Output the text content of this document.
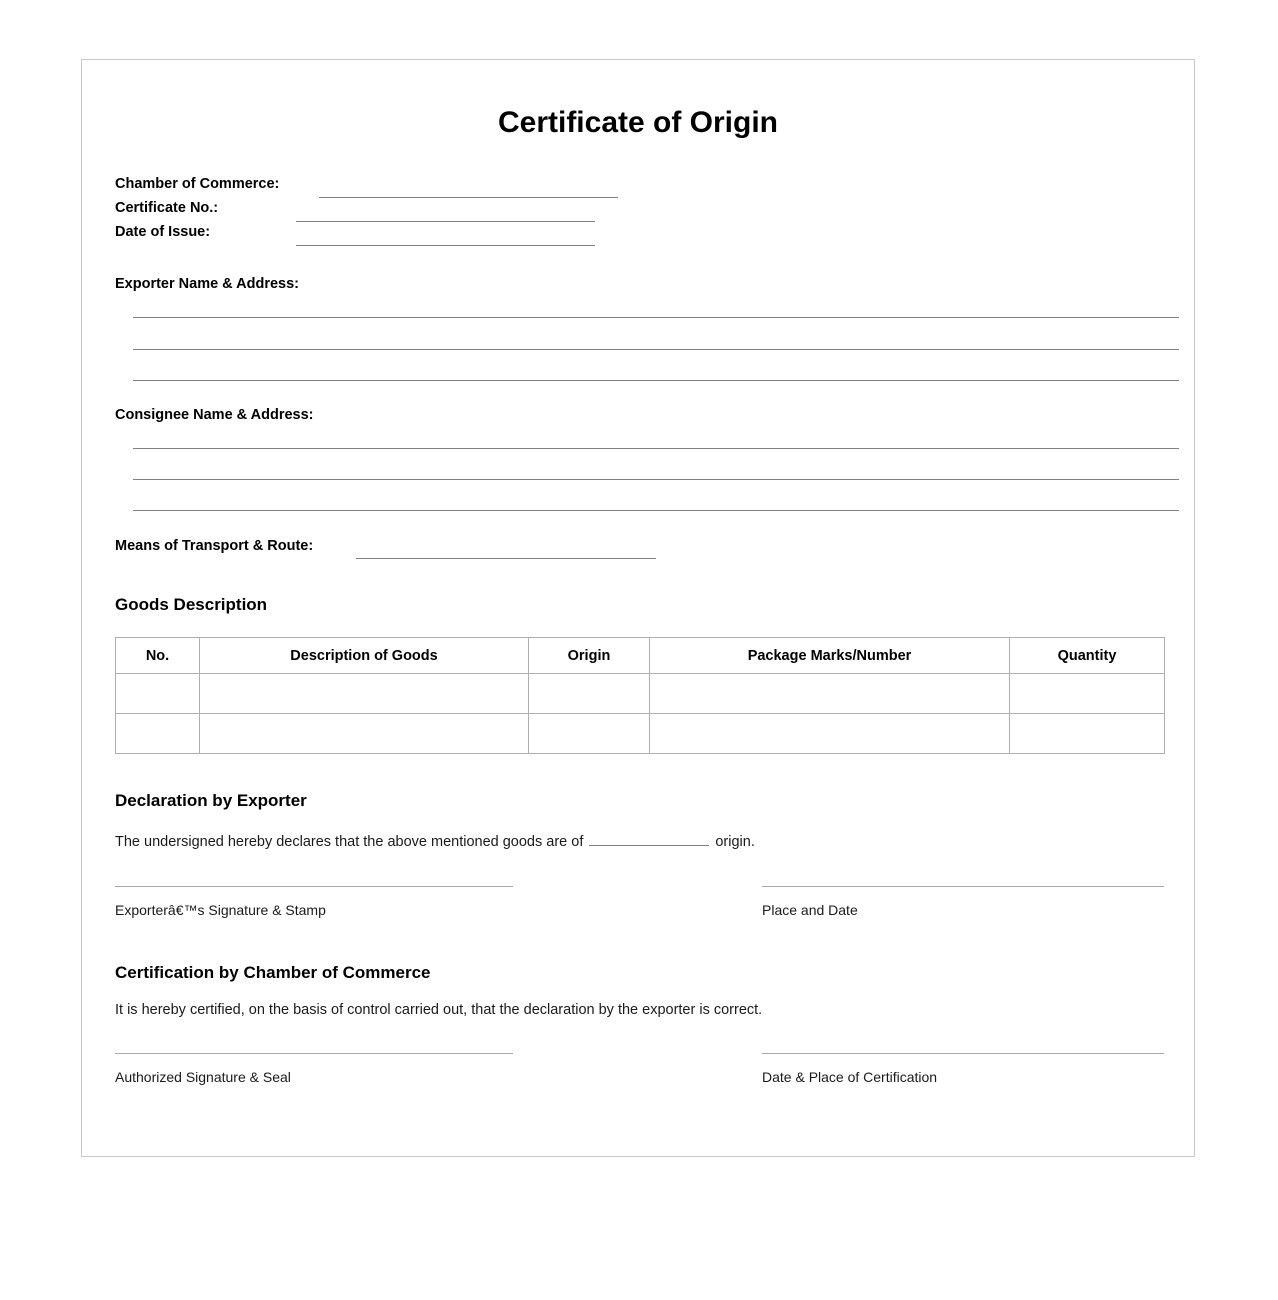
Certificate of Origin
Chamber of Commerce:
Certificate No.:
Date of Issue:
Exporter Name & Address:
Consignee Name & Address:
Means of Transport & Route:
Goods Description
No.	Description of Goods	Origin	Package Marks/Number	Quantity

Declaration by Exporter
The undersigned hereby declares that the above mentioned goods are of	origin.
Exporterâ€™s Signature & Stamp	Place and Date
Certification by Chamber of Commerce
It is hereby certified, on the basis of control carried out, that the declaration by the exporter is correct.
Authorized Signature & Seal	Date & Place of Certification
